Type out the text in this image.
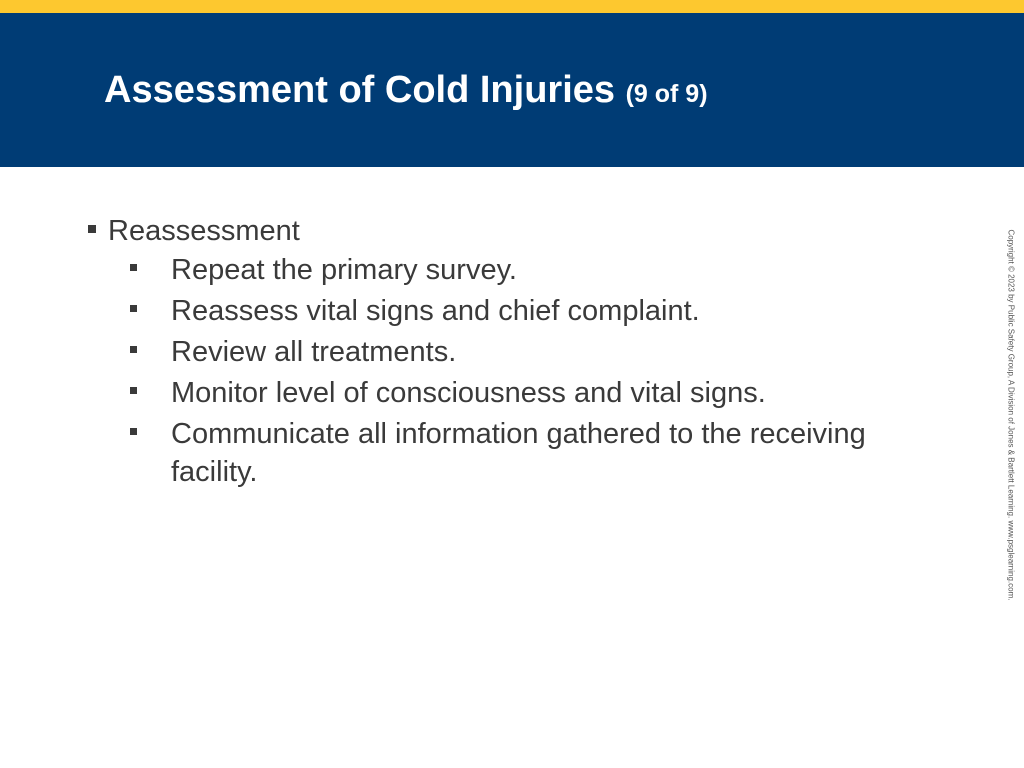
Assessment of Cold Injuries (9 of 9)
Reassessment
Repeat the primary survey.
Reassess vital signs and chief complaint.
Review all treatments.
Monitor level of consciousness and vital signs.
Communicate all information gathered to the receiving facility.	Copyright © 2023 by Public Safety Group, A Division of Jones & Bartlett Learning. www.psglearning.com.
